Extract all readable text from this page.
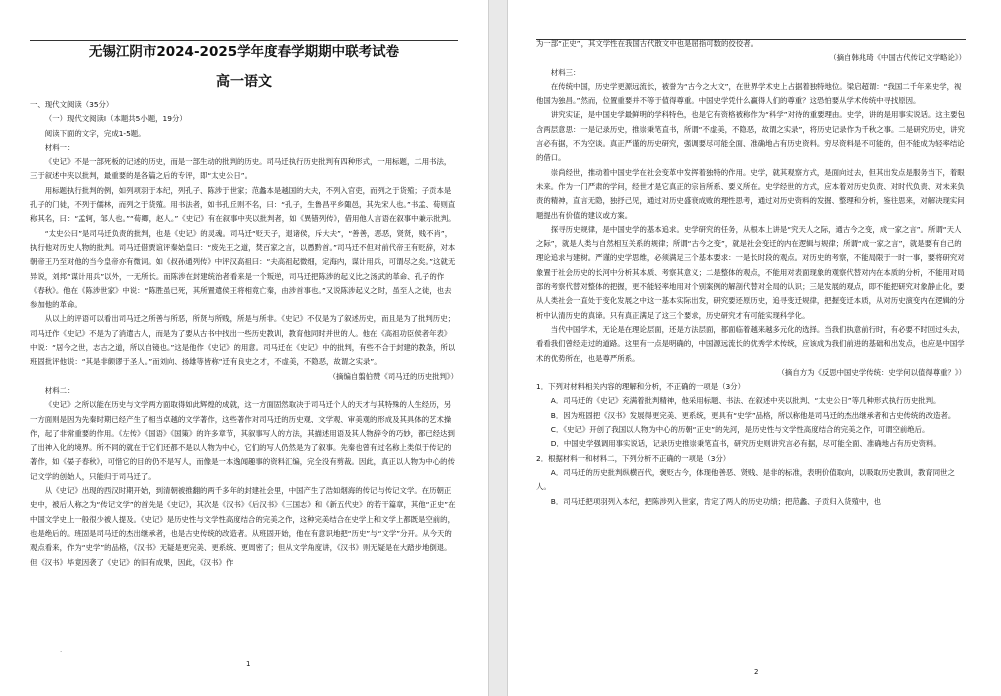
无锡江阴市2024-2025学年度春学期期中联考试卷
高一语文

一、现代文阅读（35分）

（一）现代文阅读Ⅰ（本题共5小题，19分）

阅读下面的文字，完成1-5题。

材料一：

《史记》不是一部死板的记述的历史，而是一部生动的批判的历史。司马迁执行历史批判有四种形式，一用标题，二用书法，三于叙述中夹以批判，最重要的是各篇之后的专评，即“太史公日”。

用标题执行批判的例，如列项羽于本纪，列孔子、陈涉于世家；范蠡本是越国的大夫，不列入官吏，而列之于货殖；子贡本是孔子的门徒，不列于儒林，而列之于货殖。用书法者，如书孔丘则不名，曰：“孔子，生鲁昌平乡陬邑，其先宋人也。”书孟、荀则直称其名，曰：“孟轲，邹人也。”“荀卿，赵人。”《史记》有在叙事中夹以批判者，如《異错列传》，借用他人言语在叙事中兼示批判。

“太史公曰”是司马迁负责的批判，也是《史记》的灵魂。司马迁“贬天子，退诸侯，斥大夫”，“善善，恶恶，贤贤，贱不肖”，执行他对历史人物的批判。司马迁借贾谊评秦始皇曰：“废先王之道，焚百家之言，以愚黔首。”司马迁不但对前代帝王有贬辞，对本朝帝王乃至对他的当今皇帝亦有微词。如《叔孙通列传》中评汉高祖曰：“夫高祖起微细，定海内，谋计用兵，可谓尽之矣。”这就无异说，刘邦“谋计用兵”以外，一无所长。而陈涉在封建统治者看来是一个叛逆，司马迁把陈涉的起义比之汤武的革命、孔子的作《春秋》。他在《陈涉世家》中说：“陈胜虽已死，其所置遣侯王将相竟亡秦，由涉首事也。”又说陈涉起义之时，虽至人之徒，也去参加他的革命。

从以上的评语可以看出司马迁之所善与所恶，所贤与所贱，所是与所非。《史记》不仅是为了叙述历史，而且是为了批判历史；司马迁作《史记》不是为了消遣古人，而是为了要从古书中找出一些历史教训，教育他同时并世的人。他在《高祖功臣侯者年表》中说：“居今之世，志古之道，所以自镜也。”这是他作《史记》的用意。司马迁在《史记》中的批判，有些不合于封建的教条，所以班固批评他说：“其是非颇谬于圣人。”而刘向、扬雄等皆称“迁有良史之才，不虚美，不隐恶，故谓之实录”。

（摘编自翦伯赞《司马迁的历史批判》）

材料二：

《史记》之所以能在历史与文学两方面取得如此辉煌的成就，这一方面固然取决于司马迁个人的天才与其特殊的人生经历，另一方面则是因为先秦时期已经产生了相当卓越的文学著作，这些著作对司马迁的历史观、文学观、审美观的形成及其具体的艺术操作，起了非常重要的作用。《左传》《国语》《国策》的许多章节，其叙事写人的方法，其描述用语及其人物辞令的巧妙，都已经达到了出神入化的境界。所不同的就在于它们还都不是以人物为中心，它们的写人仍然是为了叙事。先秦也曾有过名称上类似于传记的著作，如《晏子春秋》，可惜它的目的仍不是写人，而像是一本逸闻趣事的资料汇编，完全没有剪裁。因此，真正以人物为中心的传记文学的创始人，只能归于司马迁了。

从《史记》出现的西汉时期开始，到清朝被推翻的两千多年的封建社会里，中国产生了浩如烟海的传记与传记文学。在历朝正史中，被后人称之为“传记文学”的首先是《史记》，其次是《汉书》《后汉书》《三国志》和《新五代史》的若干篇章，其他“正史”在中国文学史上一般很少被人提及。《史记》是历史性与文学性高度结合的完美之作，这种完美结合在史学上和文学上都既是空前的，也是绝后的。班固是司马迁的杰出继承者，也是古史传统的改造者。从班固开始，他在有意识地把“历史”与“文学”分开。从今天的观点看来，作为“史学”的品格，《汉书》无疑是更完美、更系统、更周密了；但从文学角度讲，《汉书》则无疑是在大踏步地倒退。但《汉书》毕竟因袭了《史记》的旧有成果，因此，《汉书》作

·
1

为一部“正史”，其文学性在我国古代散文中也是屈指可数的佼佼者。

（摘自韩兆琦《中国古代传记文学略论》）

材料三：

在传统中国，历史学更源远流长，被誉为“古今之大文”，在世界学术史上占据着独特地位。梁启超谓：“我国二千年来史学，视他国为独昌。”然而，位置重要并不等于值得尊重。中国史学凭什么赢得人们的尊重？这恐怕要从学术传统中寻找原因。

讲究实证，是中国史学最鲜明的学科特色，也是它有资格被称作为“科学”对待的重要理由。史学，讲的是用事实说话。这主要包含两层意思：一是记录历史，推崇秉笔直书，所谓“不虚美，不隐恶，故谓之实录”，将历史记录作为千秋之事。二是研究历史，讲究言必有据，不为空谈。真正严谨的历史研究，强调要尽可能全面、准确地占有历史资料。穷尽资料是不可能的，但不能成为轻率结论的借口。

崇尚经世，推动着中国史学在社会变革中发挥着独特的作用。史学，就其观察方式，是面向过去，但其出发点是服务当下，着眼未来。作为一门严肃的学问，经世才是它真正的宗旨所系、要义所在。史学经世的方式，应本着对历史负责、对时代负责、对未来负责的精神，直言无隐，独抒己见，通过对历史盛衰成败的理性思考，通过对历史资料的发掘、整理和分析，鉴往思来，对解决现实问题提出有价值的建议或方案。

探寻历史规律，是中国史学的基本追求。史学研究的任务，从根本上讲是“究天人之际，通古今之变，成一家之言”。所谓“天人之际”，就是人类与自然相互关系的规律；所谓“古今之变”，就是社会变迁的内在逻辑与规律；所谓“成一家之言”，就是要有自己的理论追求与建树。严谨的史学思维，必须满足三个基本要求：一是长时段的观点。对历史的考察，不能局限于一时一事，要将研究对象置于社会历史的长河中分析其本质、考察其意义；二是整体的观点，不能用对表面现象的观察代替对内在本质的分析，不能用对局部的考察代替对整体的把握，更不能轻率地用对个别案例的解剖代替对全局的认识；三是发展的观点，即不能把研究对象静止化，要从人类社会一直处于变化发展之中这一基本实际出发，研究要还原历史，追寻变迁规律，把握变迁本质，从对历史演变内在逻辑的分析中认清历史的真谛。只有真正满足了这三个要求，历史研究才有可能实现科学化。

当代中国学术，无论是在理论层面，还是方法层面，都面临着越来越多元化的选择。当我们执意前行时，有必要不时回过头去，看看我们曾经走过的道路。这里有一点是明确的，中国源远流长的优秀学术传统，应该成为我们前进的基础和出发点，也应是中国学术的优势所在，也是尊严所系。

（摘自方为《反思中国史学传统：史学何以值得尊重？》）

1．下列对材料相关内容的理解和分析，不正确的一项是（3分）

A．司马迁的《史记》充满着批判精神，他采用标题、书法、在叙述中夹以批判、“太史公日”等几种形式执行历史批判。

B．因为班固把《汉书》发展得更完美、更系统，更具有“史学”品格，所以称他是司马迁的杰出继承者和古史传统的改造者。

C．《史记》开创了我国以人物为中心的历朝“正史”的先河，是历史性与文学性高度结合的完美之作，可谓空前绝后。

D．中国史学强调用事实说话，记录历史推崇秉笔直书，研究历史则讲究言必有据，尽可能全面、准确地占有历史资料。

2．根据材料一和材料二，下列分析不正确的一项是（3分）

A．司马迁的历史批判纵横百代，褒贬古今，体现他善恶、贤贱、是非的标准，表明价值取向，以吸取历史教训，教育同世之人。

B．司马迁把项羽列入本纪，把陈涉列入世家，肯定了两人的历史功绩；把范蠡、子贡归入货殖中，也

2
